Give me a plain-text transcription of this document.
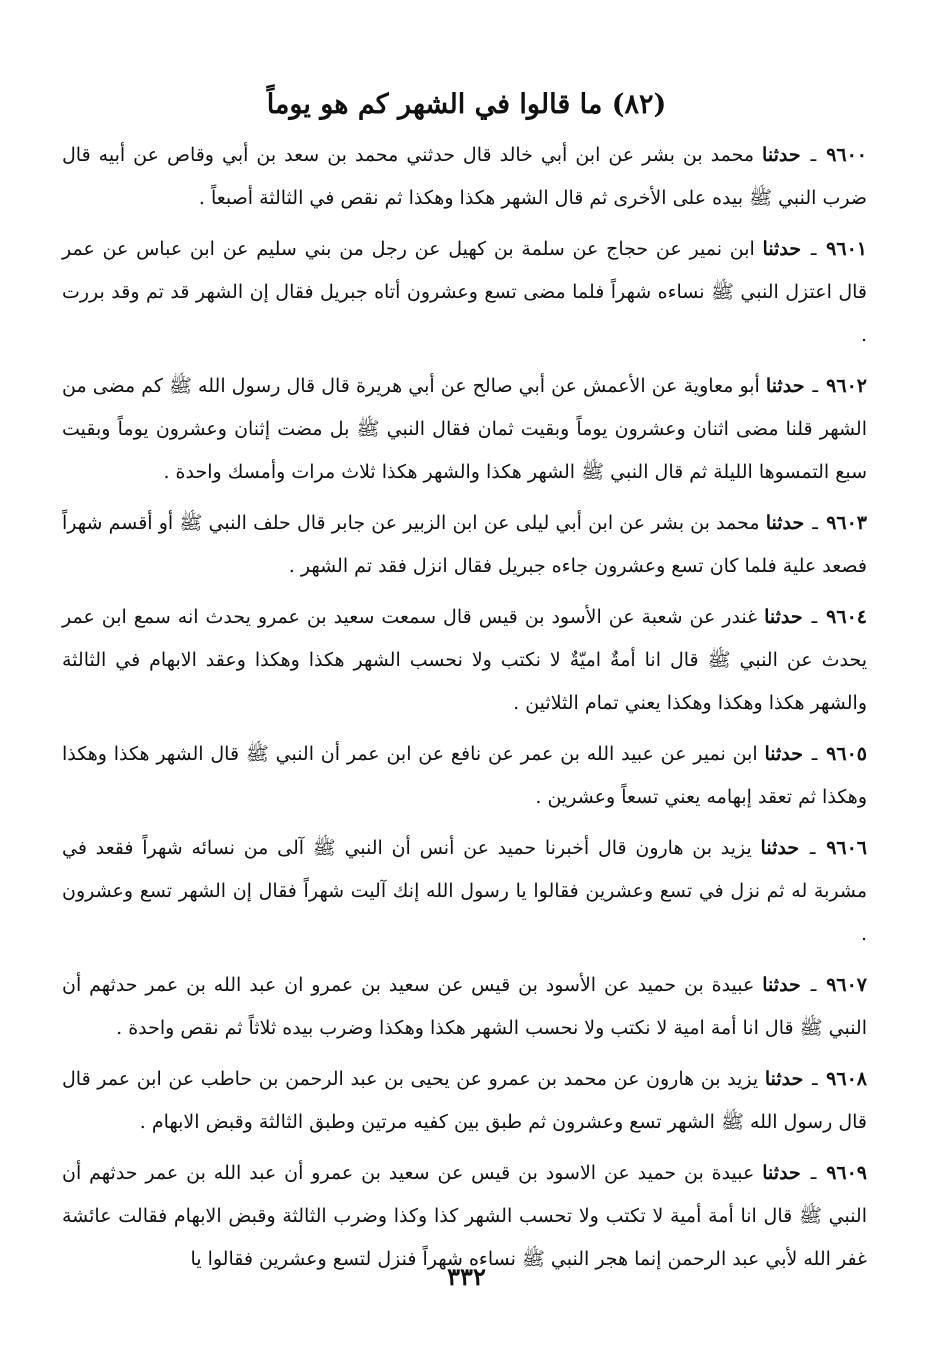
(٨٢) ما قالوا في الشهر كم هو يوماً

٩٦٠٠ ـ حدثنا محمد بن بشر عن ابن أبي خالد قال حدثني محمد بن سعد بن أبي وقاص عن أبيه قال ضرب النبي ﷺ بيده على الأخرى ثم قال الشهر هكذا وهكذا ثم نقص في الثالثة أصبعاً .

٩٦٠١ ـ حدثنا ابن نمير عن حجاج عن سلمة بن كهيل عن رجل من بني سليم عن ابن عباس عن عمر قال اعتزل النبي ﷺ نساءه شهراً فلما مضى تسع وعشرون أتاه جبريل فقال إن الشهر قد تم وقد بررت .

٩٦٠٢ ـ حدثنا أبو معاوية عن الأعمش عن أبي صالح عن أبي هريرة قال قال رسول الله ﷺ كم مضى من الشهر قلنا مضى اثنان وعشرون يوماً وبقيت ثمان فقال النبي ﷺ بل مضت إثنان وعشرون يوماً وبقيت سبع التمسوها الليلة ثم قال النبي ﷺ الشهر هكذا والشهر هكذا ثلاث مرات وأمسك واحدة .

٩٦٠٣ ـ حدثنا محمد بن بشر عن ابن أبي ليلى عن ابن الزبير عن جابر قال حلف النبي ﷺ أو أقسم شهراً فصعد علية فلما كان تسع وعشرون جاءه جبريل فقال انزل فقد تم الشهر .

٩٦٠٤ ـ حدثنا غندر عن شعبة عن الأسود بن قيس قال سمعت سعيد بن عمرو يحدث انه سمع ابن عمر يحدث عن النبي ﷺ قال انا أمةٌ اميّةٌ لا نكتب ولا نحسب الشهر هكذا وهكذا وعقد الابهام في الثالثة والشهر هكذا وهكذا وهكذا يعني تمام الثلاثين .

٩٦٠٥ ـ حدثنا ابن نمير عن عبيد الله بن عمر عن نافع عن ابن عمر أن النبي ﷺ قال الشهر هكذا وهكذا وهكذا ثم تعقد إبهامه يعني تسعاً وعشرين .

٩٦٠٦ ـ حدثنا يزيد بن هارون قال أخبرنا حميد عن أنس أن النبي ﷺ آلى من نسائه شهراً فقعد في مشربة له ثم نزل في تسع وعشرين فقالوا يا رسول الله إنك آليت شهراً فقال إن الشهر تسع وعشرون .

٩٦٠٧ ـ حدثنا عبيدة بن حميد عن الأسود بن قيس عن سعيد بن عمرو ان عبد الله بن عمر حدثهم أن النبي ﷺ قال انا أمة امية لا نكتب ولا نحسب الشهر هكذا وهكذا وضرب بيده ثلاثاً ثم نقص واحدة .

٩٦٠٨ ـ حدثنا يزيد بن هارون عن محمد بن عمرو عن يحيى بن عبد الرحمن بن حاطب عن ابن عمر قال قال رسول الله ﷺ الشهر تسع وعشرون ثم طبق بين كفيه مرتين وطبق الثالثة وقبض الابهام .

٩٦٠٩ ـ حدثنا عبيدة بن حميد عن الاسود بن قيس عن سعيد بن عمرو أن عبد الله بن عمر حدثهم أن النبي ﷺ قال انا أمة أمية لا تكتب ولا تحسب الشهر كذا وكذا وضرب الثالثة وقبض الابهام فقالت عائشة غفر الله لأبي عبد الرحمن إنما هجر النبي ﷺ نساءه شهراً فنزل لتسع وعشرين فقالوا يا

٣٣٢
